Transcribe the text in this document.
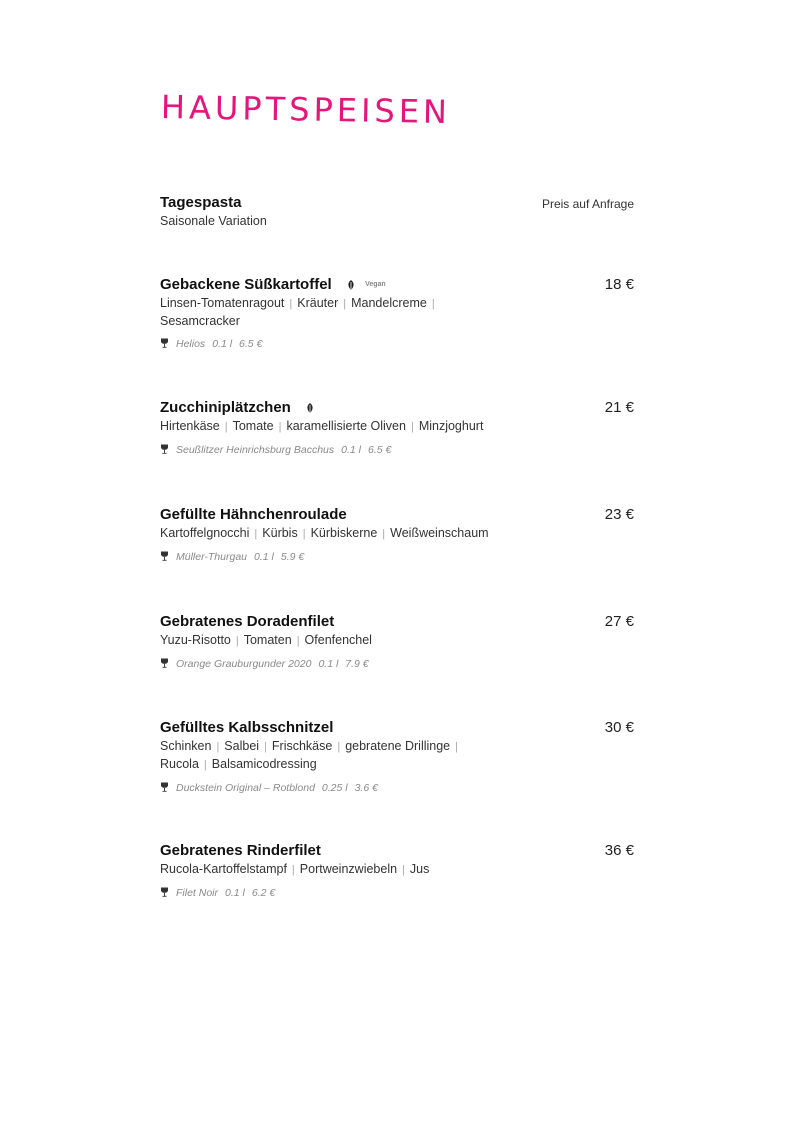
HAUPTSPEISEN
Tagespasta	Preis auf Anfrage
Saisonale Variation
Gebackene Süßkartoffel	Vegan	18 €
Linsen-Tomatenragout | Kräuter | Mandelcreme |
Sesamcracker
Helios 0.1 l 6.5 €
Zucchiniplätzchen	21 €
Hirtenkäse | Tomate | karamellisierte Oliven | Minzjoghurt
Seußlitzer Heinrichsburg Bacchus 0.1 l 6.5 €
Gefüllte Hähnchenroulade	23 €
Kartoffelgnocchi | Kürbis | Kürbiskerne | Weißweinschaum
Müller-Thurgau 0.1 l 5.9 €
Gebratenes Doradenfilet	27 €
Yuzu-Risotto | Tomaten | Ofenfenchel
Orange Grauburgunder 2020 0.1 l 7.9 €
Gefülltes Kalbsschnitzel	30 €
Schinken | Salbei | Frischkäse | gebratene Drillinge |
Rucola | Balsamicodressing
Duckstein Original – Rotblond 0.25 l 3.6 €
Gebratenes Rinderfilet	36 €
Rucola-Kartoffelstampf | Portweinzwiebeln | Jus
Filet Noir 0.1 l 6.2 €
